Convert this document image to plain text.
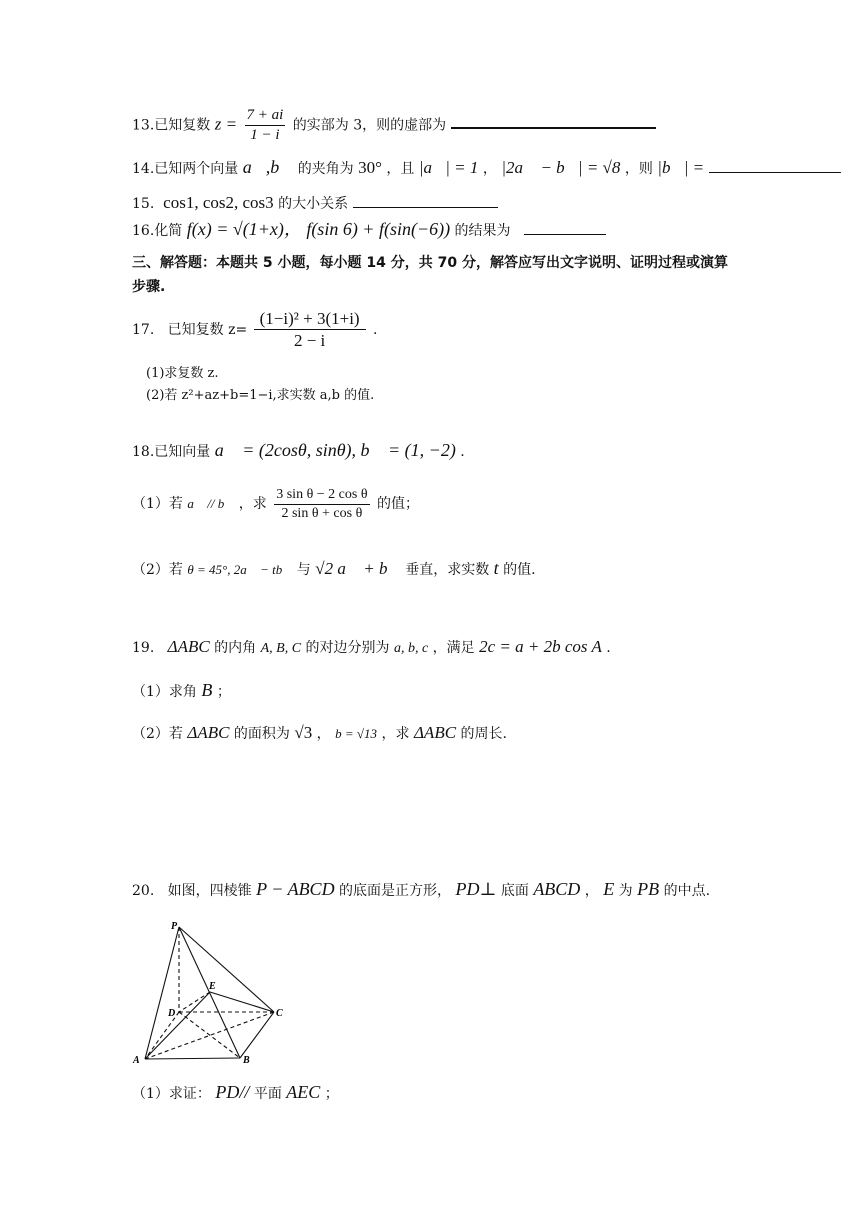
13.已知复数 $z = \frac{7 + ai}{1 - i}$ 的实部为 3，则的虚部为
14.已知两个向量 a⃗,b⃗ 的夹角为 30° ，且 |a⃗| = 1 ， |2a⃗ − b⃗| = √8 ，则 |b⃗| =
15. cos1, cos2, cos3 的大小关系
16.化简 f(x) = √(1+x)， f(sin 6) + f(sin(−6)) 的结果为
三、解答题：本题共 5 小题，每小题 14 分，共 70 分，解答应写出文字说明、证明过程或演算步骤.
17. 已知复数 $z= \frac{\text{(1−i)² + 3(1+i)}}{2 - i}$ .
(1)求复数 z.
(2)若 z²+az+b=1−i,求实数 a,b 的值.
18.已知向量 a⃗ = (2cosθ, sinθ), b⃗ = (1, −2) .
（1）若 a⃗ // b⃗ ，求 $\frac{\text{3 sin θ − 2 cos θ}}{\text{2 sin θ + cos θ}}$ 的值；
（2）若 θ = 45°, 2a⃗ − tb⃗ 与 √2 a⃗ + b⃗ 垂直，求实数 t 的值.
19. ΔABC 的内角 A, B, C 的对边分别为 a, b, c ，满足 2c = a + 2b cos A .
（1）求角 B ；
（2）若 ΔABC 的面积为 √3 ， b = √13 ，求 ΔABC 的周长.
20. 如图，四棱锥 P − ABCD 的底面是正方形， PD⊥ 底面 ABCD ， E 为 PB 的中点.
P
E
D	C
A	B
（1）求证： PD// 平面 AEC ；
